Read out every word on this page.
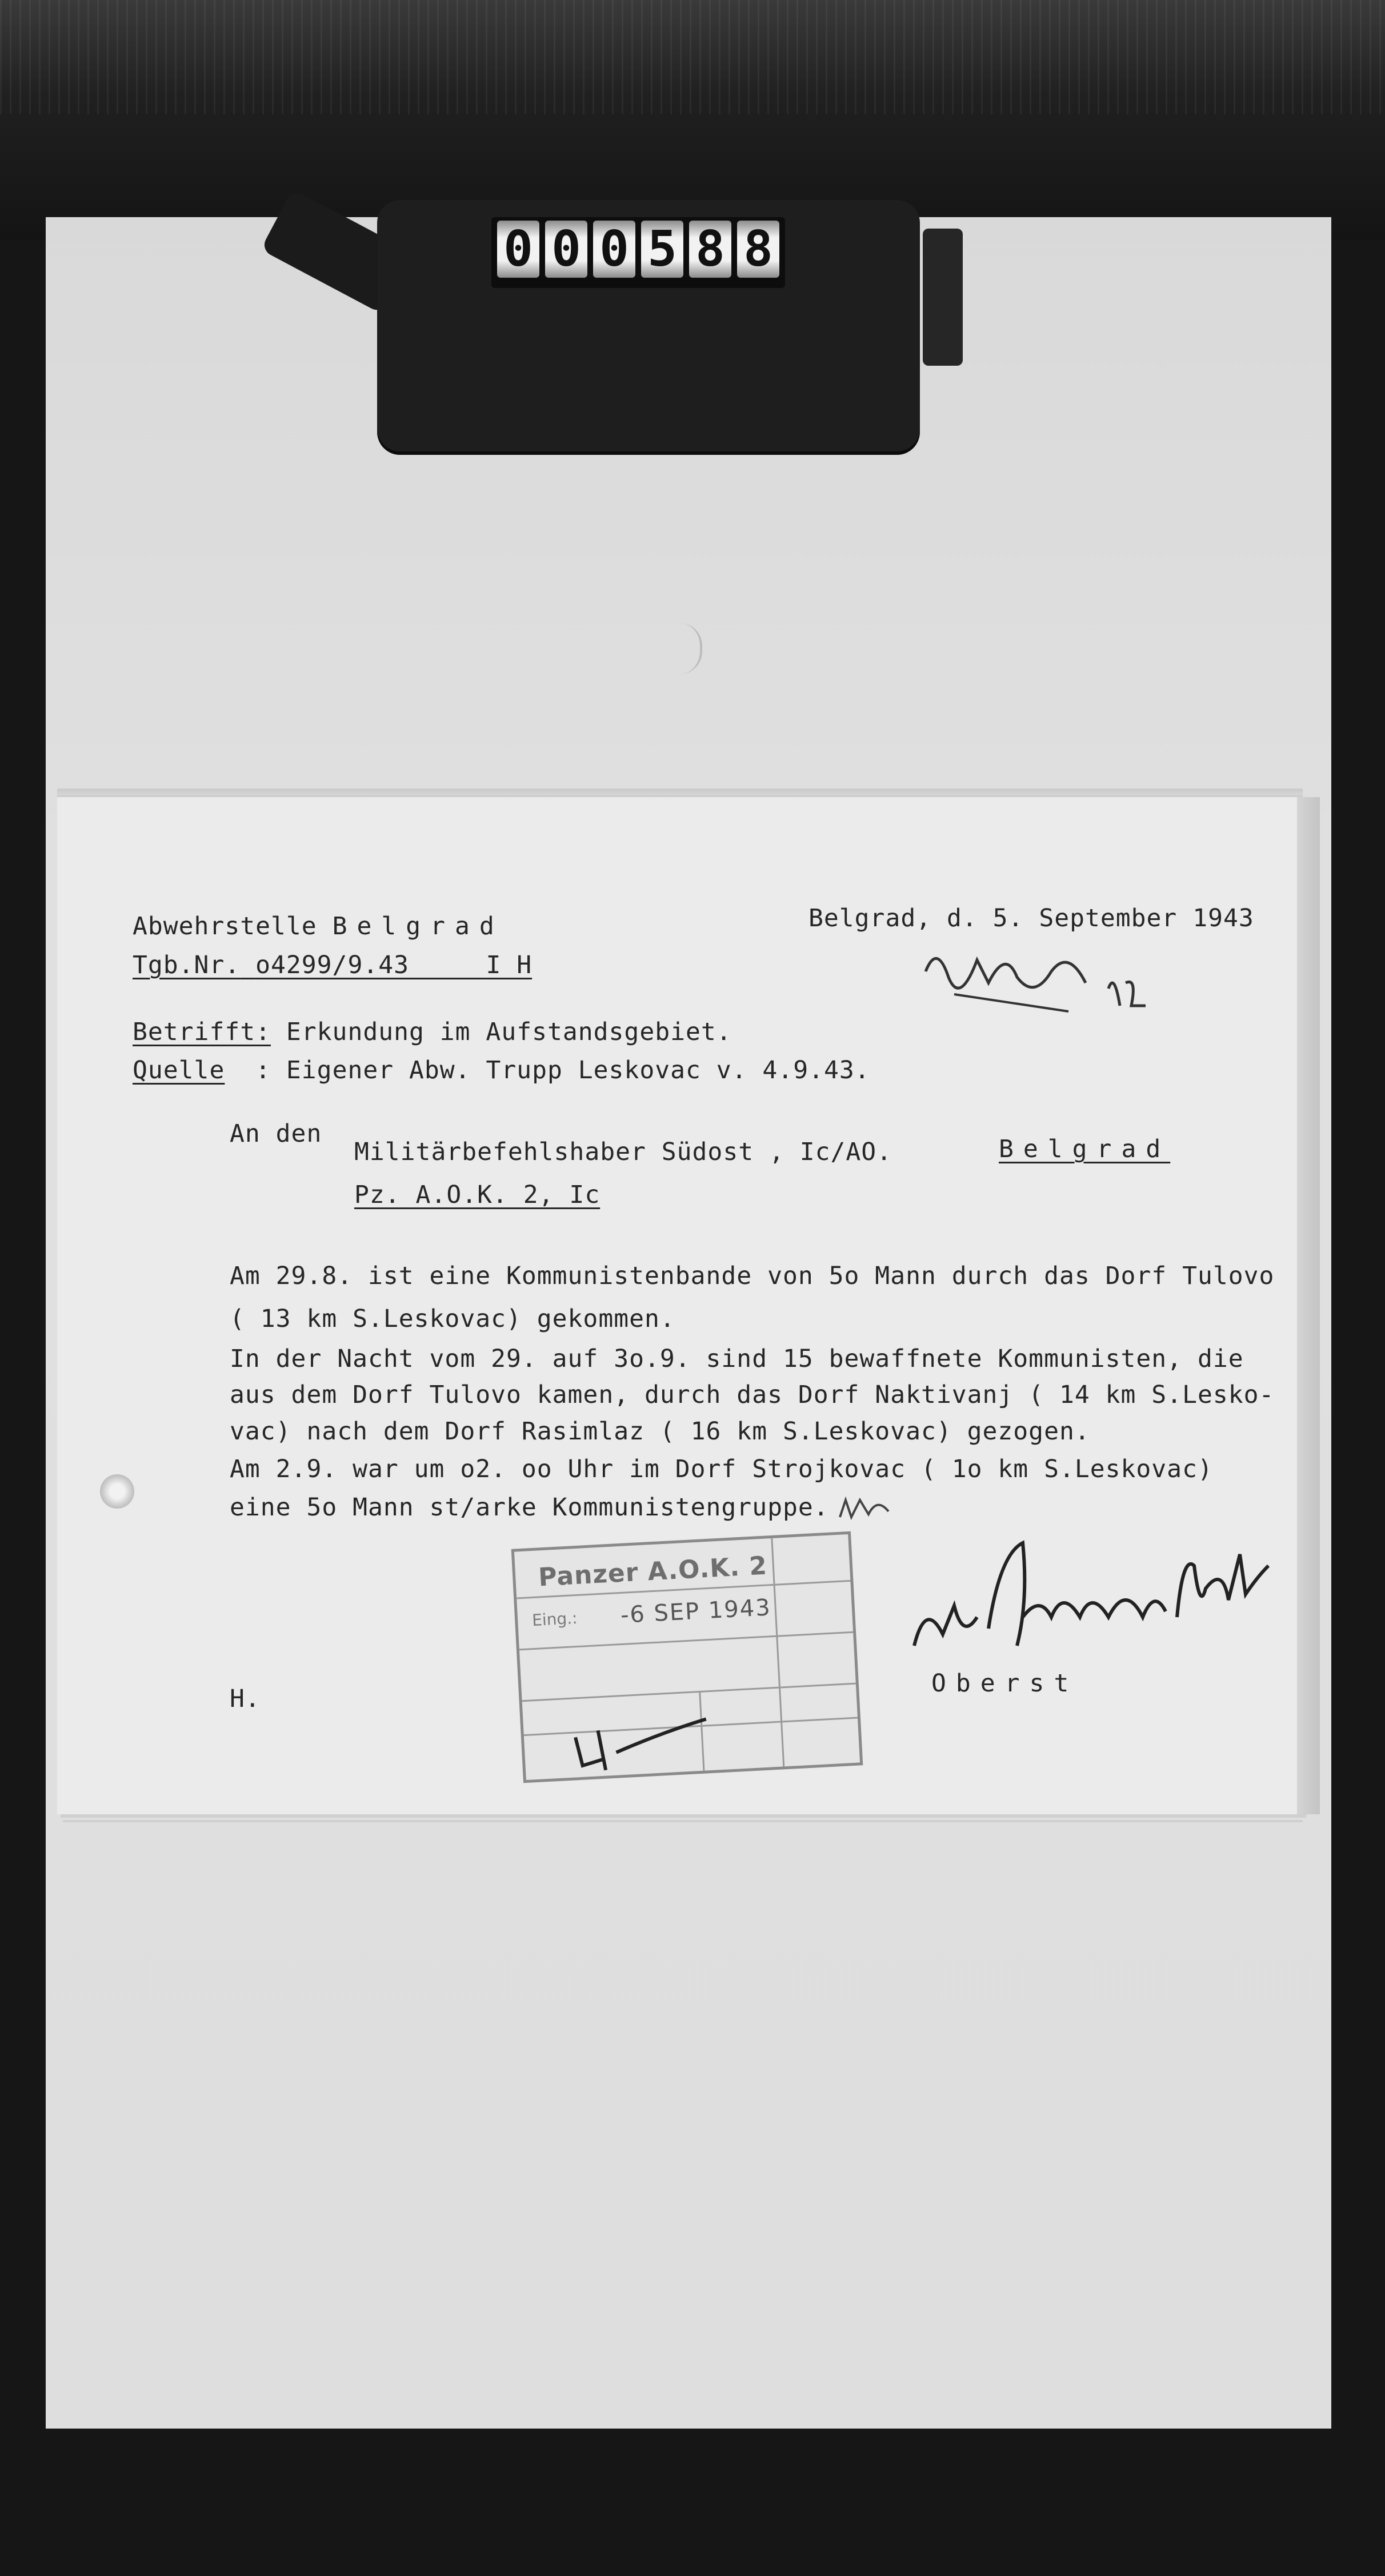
0 0 0 5 8 8
Abwehrstelle Belgrad	Belgrad, d. 5. September 1943
Tgb.Nr. o4299/9.43	I H
Betrifft: Erkundung im Aufstandsgebiet.
Quelle : Eigener Abw. Trupp Leskovac v. 4.9.43.
An den
Militärbefehlshaber Südost , Ic/AO.	Belgrad
Pz. A.O.K. 2, Ic
Am 29.8. ist eine Kommunistenbande von 5o Mann durch das Dorf Tulovo
( 13 km S.Leskovac) gekommen.
In der Nacht vom 29. auf 3o.9. sind 15 bewaffnete Kommunisten, die
aus dem Dorf Tulovo kamen, durch das Dorf Naktivanj ( 14 km S.Lesko-
vac) nach dem Dorf Rasimlaz ( 16 km S.Leskovac) gezogen.
Am 2.9. war um o2. oo Uhr im Dorf Strojkovac ( 1o km S.Leskovac)
eine 5o Mann st/arke Kommunistengruppe.
H.
Oberst
Panzer A.O.K. 2
Eing.: -6 SEP 1943
